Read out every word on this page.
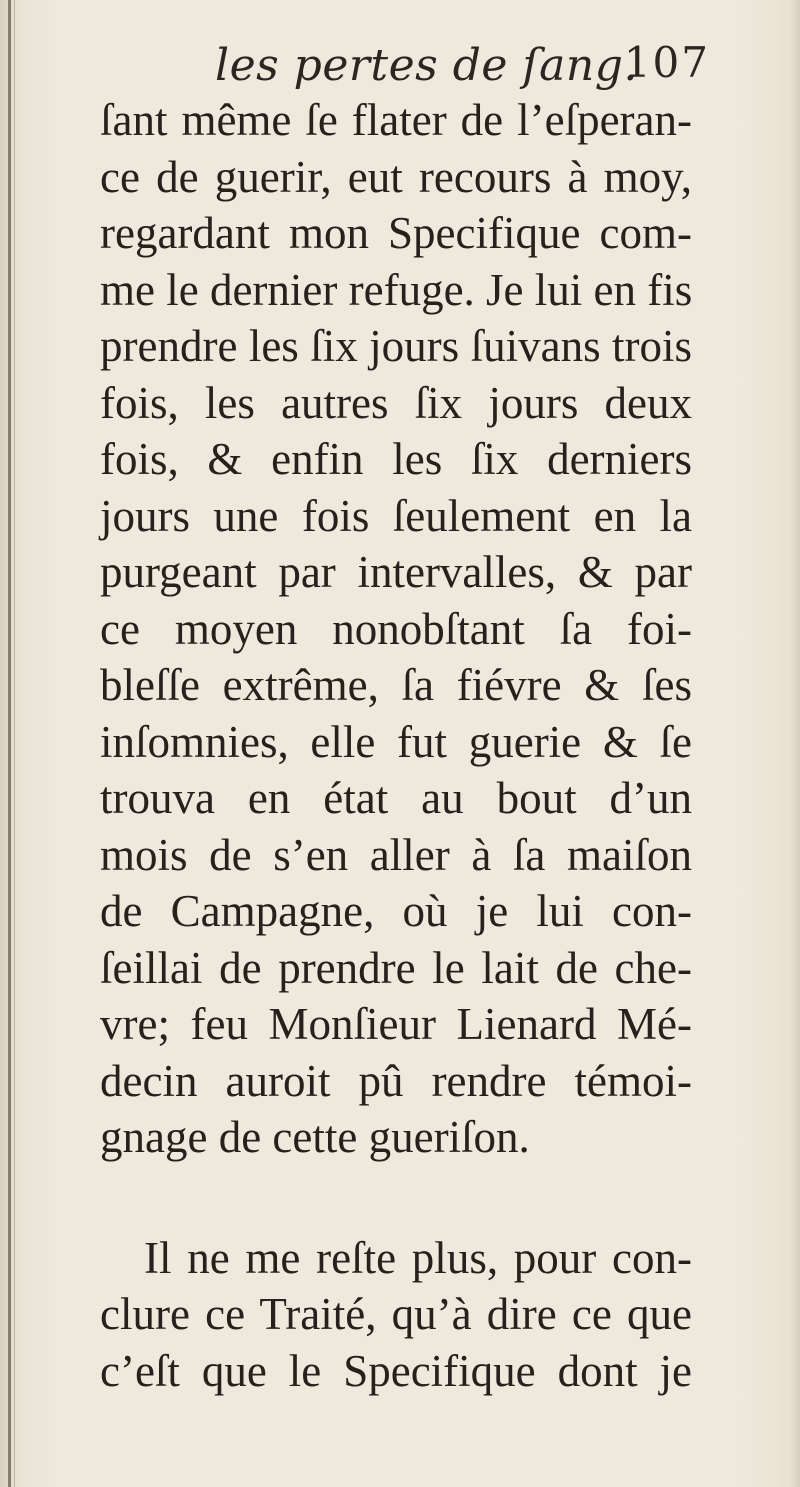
les pertes de ſang.
107
ſant même ſe flater de l’eſperan-
ce de guerir, eut recours à moy,
regardant mon Specifique com-
me le dernier refuge. Je lui en fis
prendre les ſix jours ſuivans trois
fois, les autres ſix jours deux
fois, & enfin les ſix derniers
jours une fois ſeulement en la
purgeant par intervalles, & par
ce moyen nonobſtant ſa foi-
bleſſe extrême, ſa fiévre & ſes
inſomnies, elle fut guerie & ſe
trouva en état au bout d’un
mois de s’en aller à ſa maiſon
de Campagne, où je lui con-
ſeillai de prendre le lait de che-
vre; feu Monſieur Lienard Mé-
decin auroit pû rendre témoi-
gnage de cette gueriſon.
Il ne me reſte plus, pour con-
clure ce Traité, qu’à dire ce que
c’eſt que le Specifique dont je
